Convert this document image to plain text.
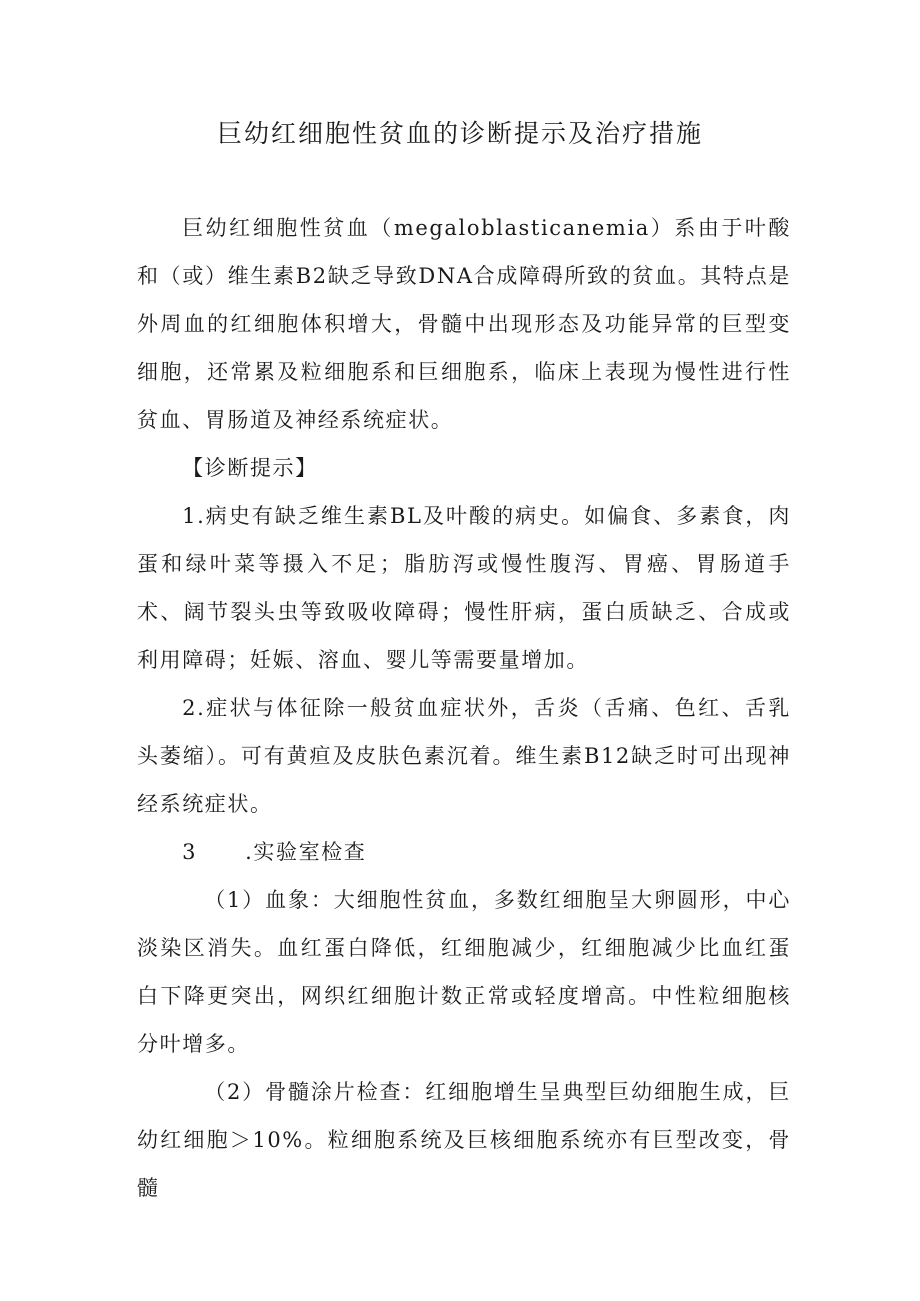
巨幼红细胞性贫血的诊断提示及治疗措施

巨幼红细胞性贫血（megaloblasticanemia）系由于叶酸和（或）维生素B2缺乏导致DNA合成障碍所致的贫血。其特点是外周血的红细胞体积增大，骨髓中出现形态及功能异常的巨型变细胞，还常累及粒细胞系和巨细胞系，临床上表现为慢性进行性贫血、胃肠道及神经系统症状。

【诊断提示】

1.病史有缺乏维生素BL及叶酸的病史。如偏食、多素食，肉蛋和绿叶菜等摄入不足；脂肪泻或慢性腹泻、胃癌、胃肠道手术、阔节裂头虫等致吸收障碍；慢性肝病，蛋白质缺乏、合成或利用障碍；妊娠、溶血、婴儿等需要量增加。

2.症状与体征除一般贫血症状外，舌炎（舌痛、色红、舌乳头萎缩）。可有黄疸及皮肤色素沉着。维生素B12缺乏时可出现神经系统症状。

3 .实验室检查

（1）血象：大细胞性贫血，多数红细胞呈大卵圆形，中心淡染区消失。血红蛋白降低，红细胞减少，红细胞减少比血红蛋白下降更突出，网织红细胞计数正常或轻度增高。中性粒细胞核分叶增多。

（2）骨髓涂片检查：红细胞增生呈典型巨幼细胞生成，巨幼红细胞＞10%。粒细胞系统及巨核细胞系统亦有巨型改变，骨髓
